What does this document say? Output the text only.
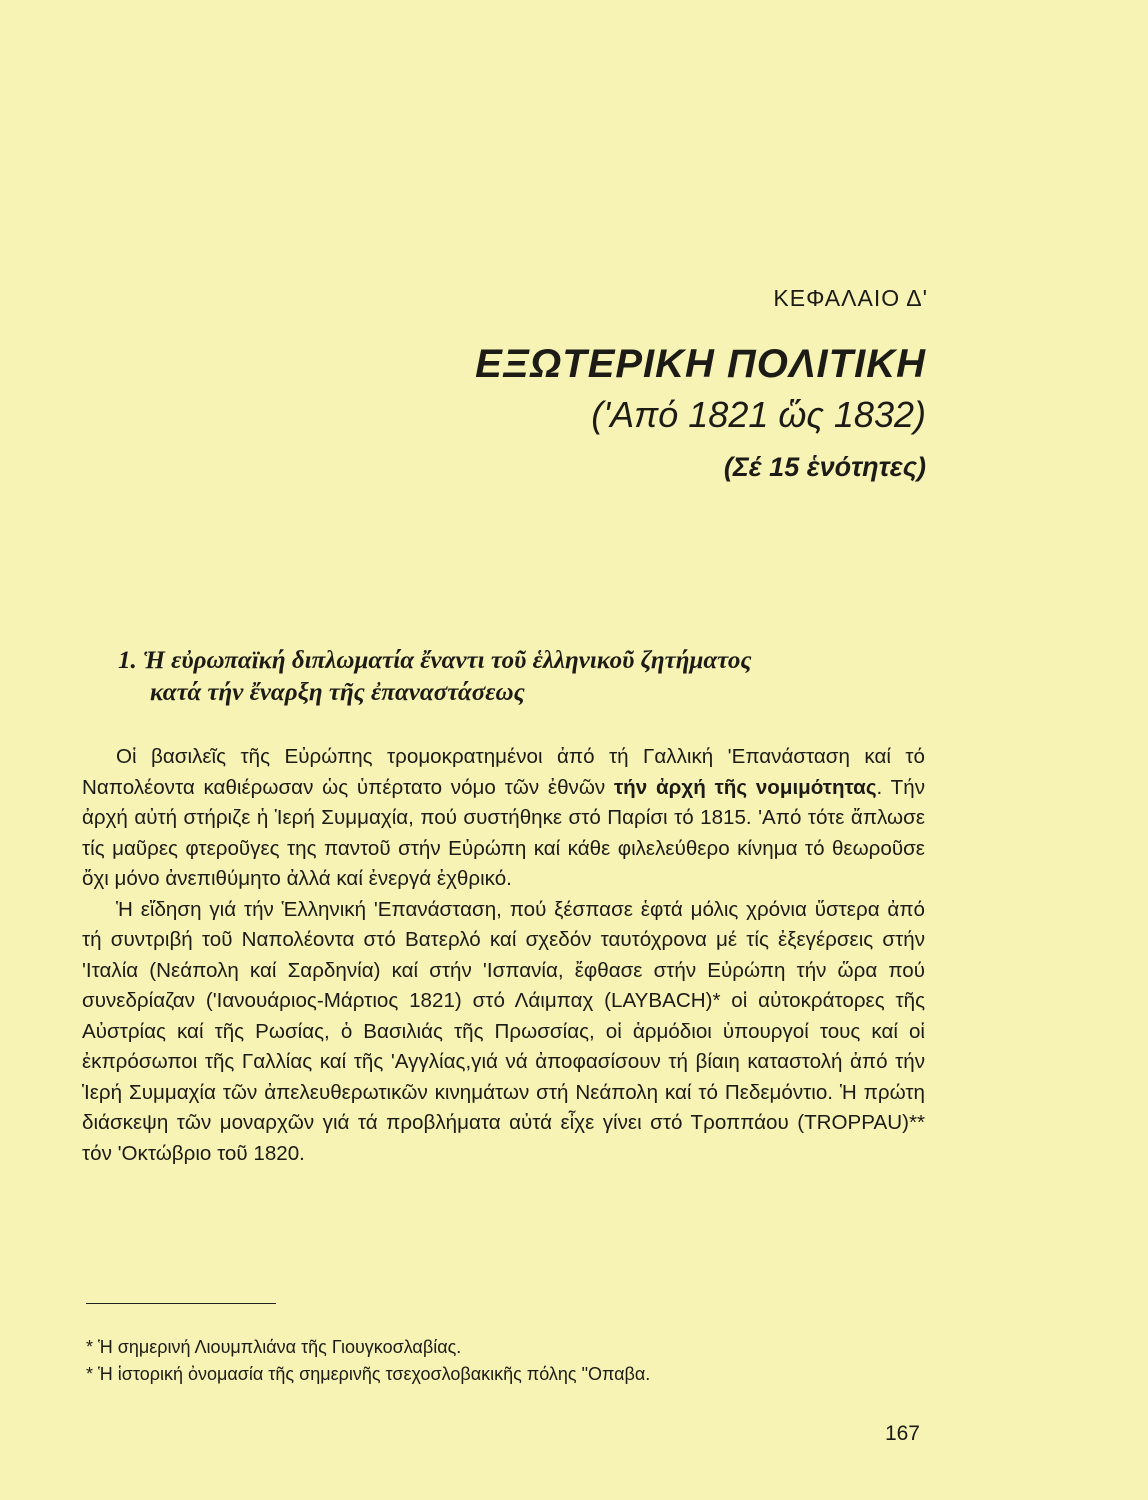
ΚΕΦΑΛΑΙΟ Δ'
ΕΞΩΤΕΡΙΚΗ ΠΟΛΙΤΙΚΗ
('Από 1821 ὥς 1832)
(Σέ 15 ἑνότητες)
1. Ἡ εὐρωπαϊκή διπλωματία ἔναντι τοῦ ἑλληνικοῦ ζητήματος
κατά τήν ἔναρξη τῆς ἐπαναστάσεως

Οἱ βασιλεῖς τῆς Εὐρώπης τρομοκρατημένοι ἀπό τή Γαλλική 'Επανάσταση καί τό Ναπολέοντα καθιέρωσαν ὡς ὑπέρτατο νόμο τῶν ἐθνῶν τήν ἀρχή τῆς νομιμότητας. Τήν ἀρχή αὐτή στήριζε ἡ Ἱερή Συμμαχία, πού συστήθηκε στό Παρίσι τό 1815. 'Από τότε ἄπλωσε τίς μαῦρες φτεροῦγες της παντοῦ στήν Εὐρώπη καί κάθε φιλελεύθερο κίνημα τό θεωροῦσε ὄχι μόνο ἀνεπιθύμητο ἀλλά καί ἐνεργά ἐχθρικό.

Ἡ εἴδηση γιά τήν Ἑλληνική 'Επανάσταση, πού ξέσπασε ἑφτά μόλις χρόνια ὕστερα ἀπό τή συντριβή τοῦ Ναπολέοντα στό Βατερλό καί σχεδόν ταυτόχρονα μέ τίς ἐξεγέρσεις στήν 'Ιταλία (Νεάπολη καί Σαρδηνία) καί στήν 'Ισπανία, ἔφθασε στήν Εὐρώπη τήν ὥρα πού συνεδρίαζαν ('Ιανουάριος-Μάρτιος 1821) στό Λάιμπαχ (LAYBACH)* οἱ αὐτοκράτορες τῆς Αὐστρίας καί τῆς Ρωσίας, ὁ Βασιλιάς τῆς Πρωσσίας, οἱ ἁρμόδιοι ὑπουργοί τους καί οἱ ἐκπρόσωποι τῆς Γαλλίας καί τῆς 'Αγγλίας,γιά νά ἀποφασίσουν τή βίαιη καταστολή ἀπό τήν Ἱερή Συμμαχία τῶν ἀπελευθερωτικῶν κινημάτων στή Νεάπολη καί τό Πεδεμόντιο. Ἡ πρώτη διάσκεψη τῶν μοναρχῶν γιά τά προβλήματα αὐτά εἶχε γίνει στό Τροππάου (TROPPAU)** τόν 'Οκτώβριο τοῦ 1820.

* Ἡ σημερινή Λιουμπλιάνα τῆς Γιουγκοσλαβίας.
* Ἡ ἱστορική ὀνομασία τῆς σημερινῆς τσεχοσλοβακικῆς πόλης "Οπαβα.
167
